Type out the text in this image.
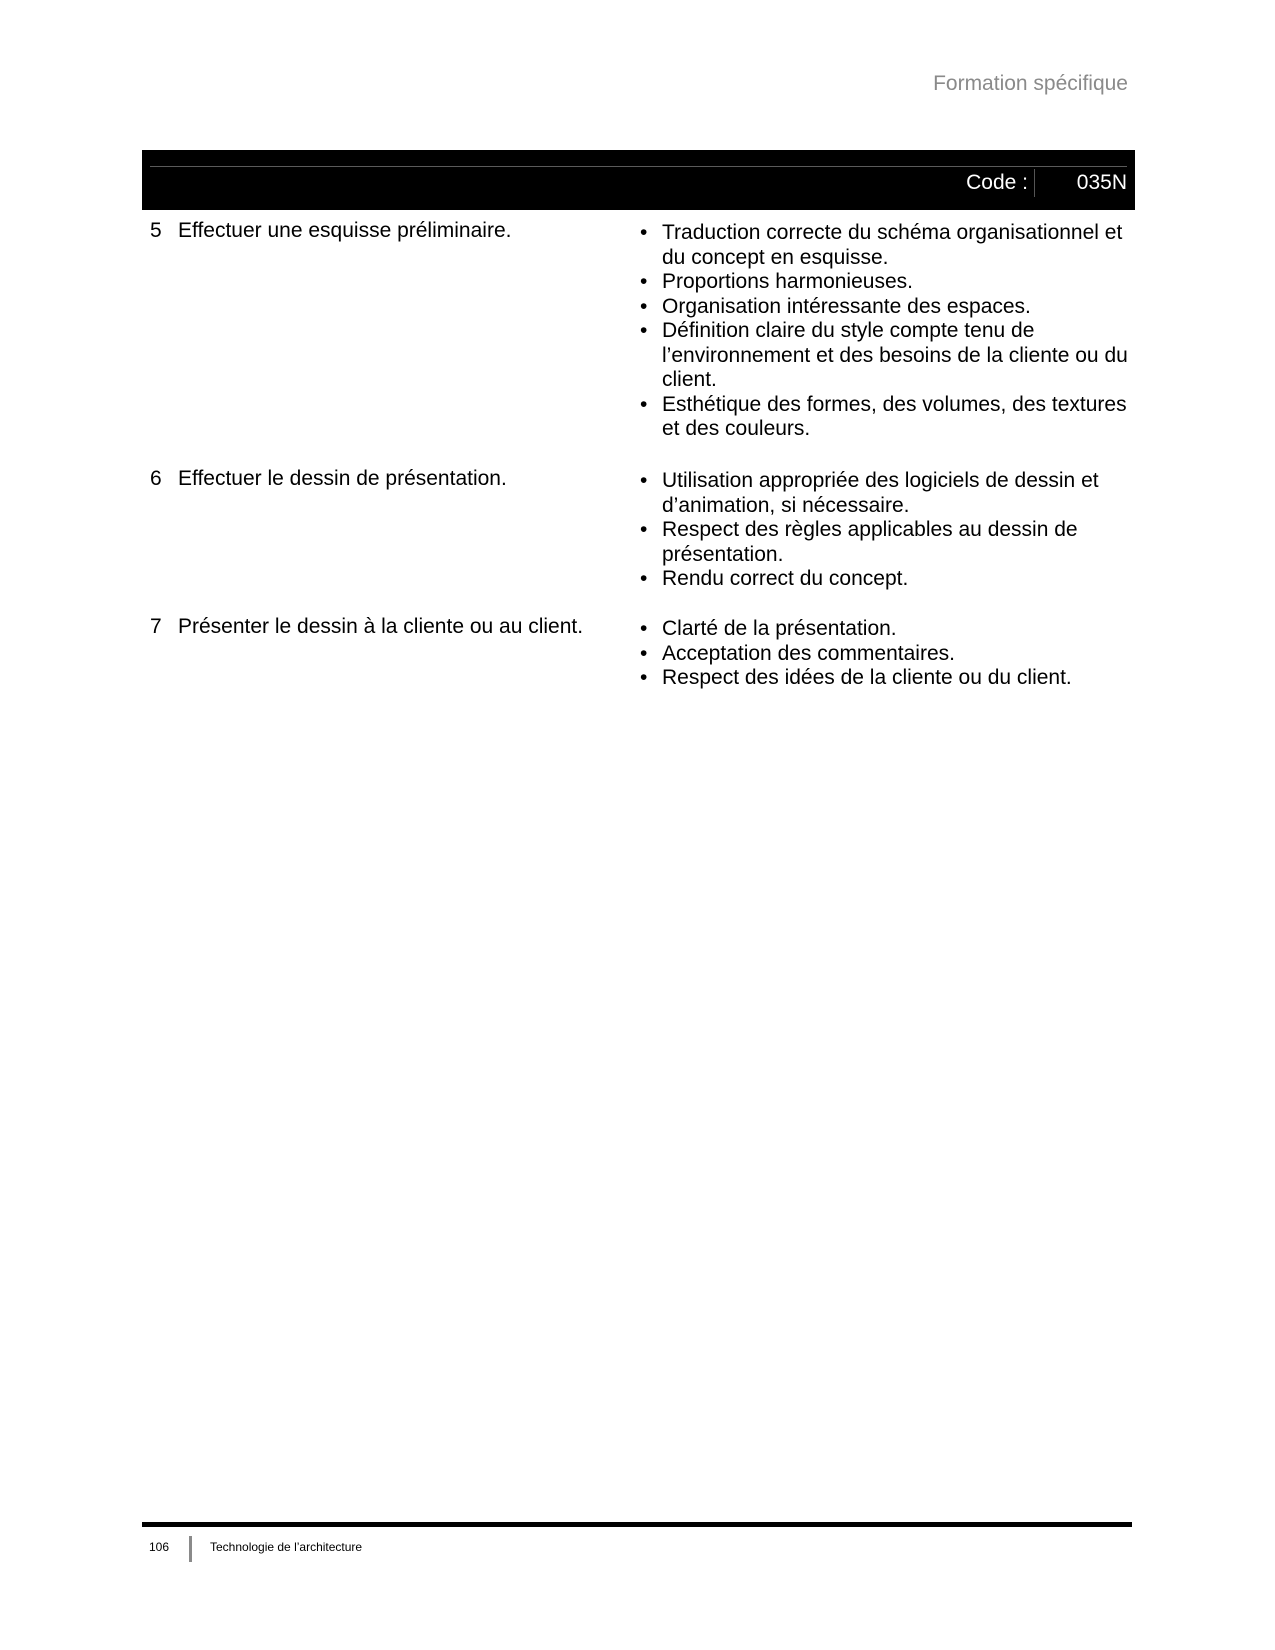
Formation spécifique
Code :	035N
5 Effectuer une esquisse préliminaire.	• Traduction correcte du schéma organisationnel et du concept en esquisse.
• Proportions harmonieuses.
• Organisation intéressante des espaces.
• Définition claire du style compte tenu de l’environnement et des besoins de la cliente ou du client.
• Esthétique des formes, des volumes, des textures et des couleurs.
6 Effectuer le dessin de présentation.	• Utilisation appropriée des logiciels de dessin et d’animation, si nécessaire.
• Respect des règles applicables au dessin de présentation.
• Rendu correct du concept.
7 Présenter le dessin à la cliente ou au client.	• Clarté de la présentation.
• Acceptation des commentaires.
• Respect des idées de la cliente ou du client.
106	Technologie de l’architecture
